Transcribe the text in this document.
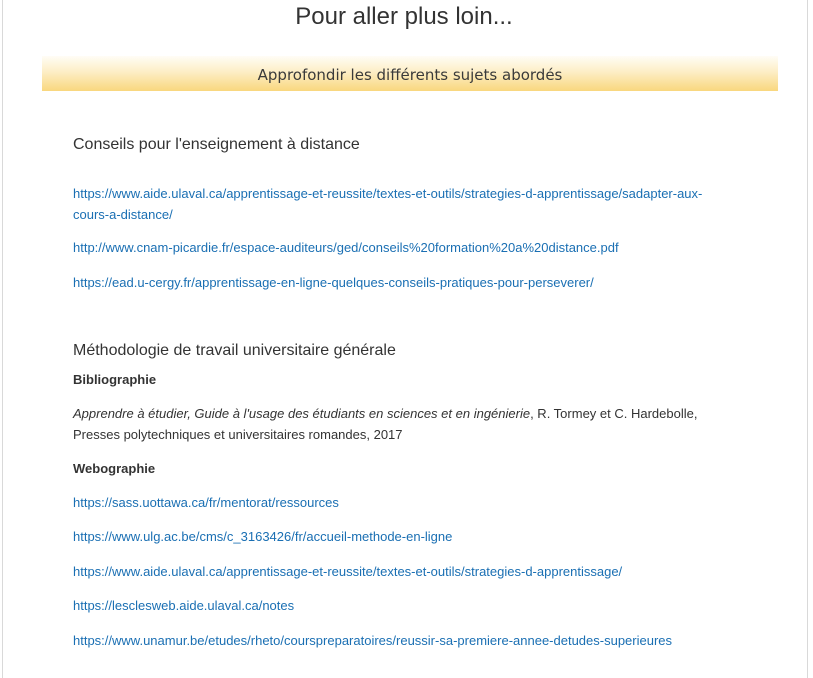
Pour aller plus loin...
Approfondir les différents sujets abordés
Conseils pour l'enseignement à distance
https://www.aide.ulaval.ca/apprentissage-et-reussite/textes-et-outils/strategies-d-apprentissage/sadapter-aux-cours-a-distance/
http://www.cnam-picardie.fr/espace-auditeurs/ged/conseils%20formation%20a%20distance.pdf
https://ead.u-cergy.fr/apprentissage-en-ligne-quelques-conseils-pratiques-pour-perseverer/
Méthodologie de travail universitaire générale
Bibliographie
Apprendre à étudier, Guide à l'usage des étudiants en sciences et en ingénierie, R. Tormey et C. Hardebolle, Presses polytechniques et universitaires romandes, 2017
Webographie
https://sass.uottawa.ca/fr/mentorat/ressources
https://www.ulg.ac.be/cms/c_3163426/fr/accueil-methode-en-ligne
https://www.aide.ulaval.ca/apprentissage-et-reussite/textes-et-outils/strategies-d-apprentissage/
https://lesclesweb.aide.ulaval.ca/notes
https://www.unamur.be/etudes/rheto/courspreparatoires/reussir-sa-premiere-annee-detudes-superieures
